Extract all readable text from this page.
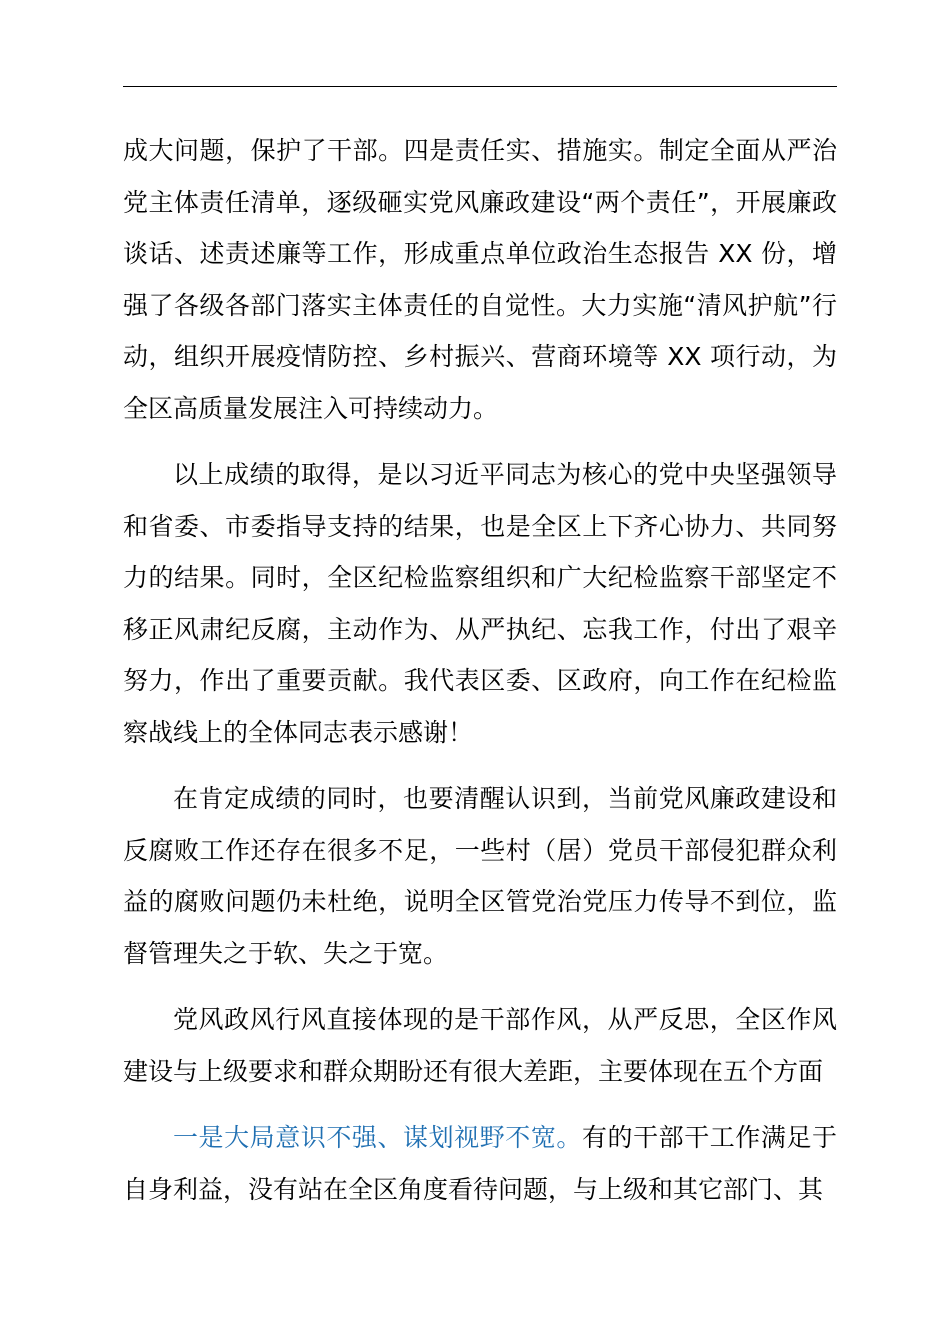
成大问题，保护了干部。四是责任实、措施实。制定全面从严治党主体责任清单，逐级砸实党风廉政建设“两个责任”，开展廉政谈话、述责述廉等工作，形成重点单位政治生态报告 XX 份，增强了各级各部门落实主体责任的自觉性。大力实施“清风护航”行动，组织开展疫情防控、乡村振兴、营商环境等 XX 项行动，为全区高质量发展注入可持续动力。

以上成绩的取得，是以习近平同志为核心的党中央坚强领导和省委、市委指导支持的结果，也是全区上下齐心协力、共同努力的结果。同时，全区纪检监察组织和广大纪检监察干部坚定不移正风肃纪反腐，主动作为、从严执纪、忘我工作，付出了艰辛努力，作出了重要贡献。我代表区委、区政府，向工作在纪检监察战线上的全体同志表示感谢！

在肯定成绩的同时，也要清醒认识到，当前党风廉政建设和反腐败工作还存在很多不足，一些村（居）党员干部侵犯群众利益的腐败问题仍未杜绝，说明全区管党治党压力传导不到位，监督管理失之于软、失之于宽。

党风政风行风直接体现的是干部作风，从严反思，全区作风建设与上级要求和群众期盼还有很大差距，主要体现在五个方面

一是大局意识不强、谋划视野不宽。有的干部干工作满足于自身利益，没有站在全区角度看待问题，与上级和其它部门、其
